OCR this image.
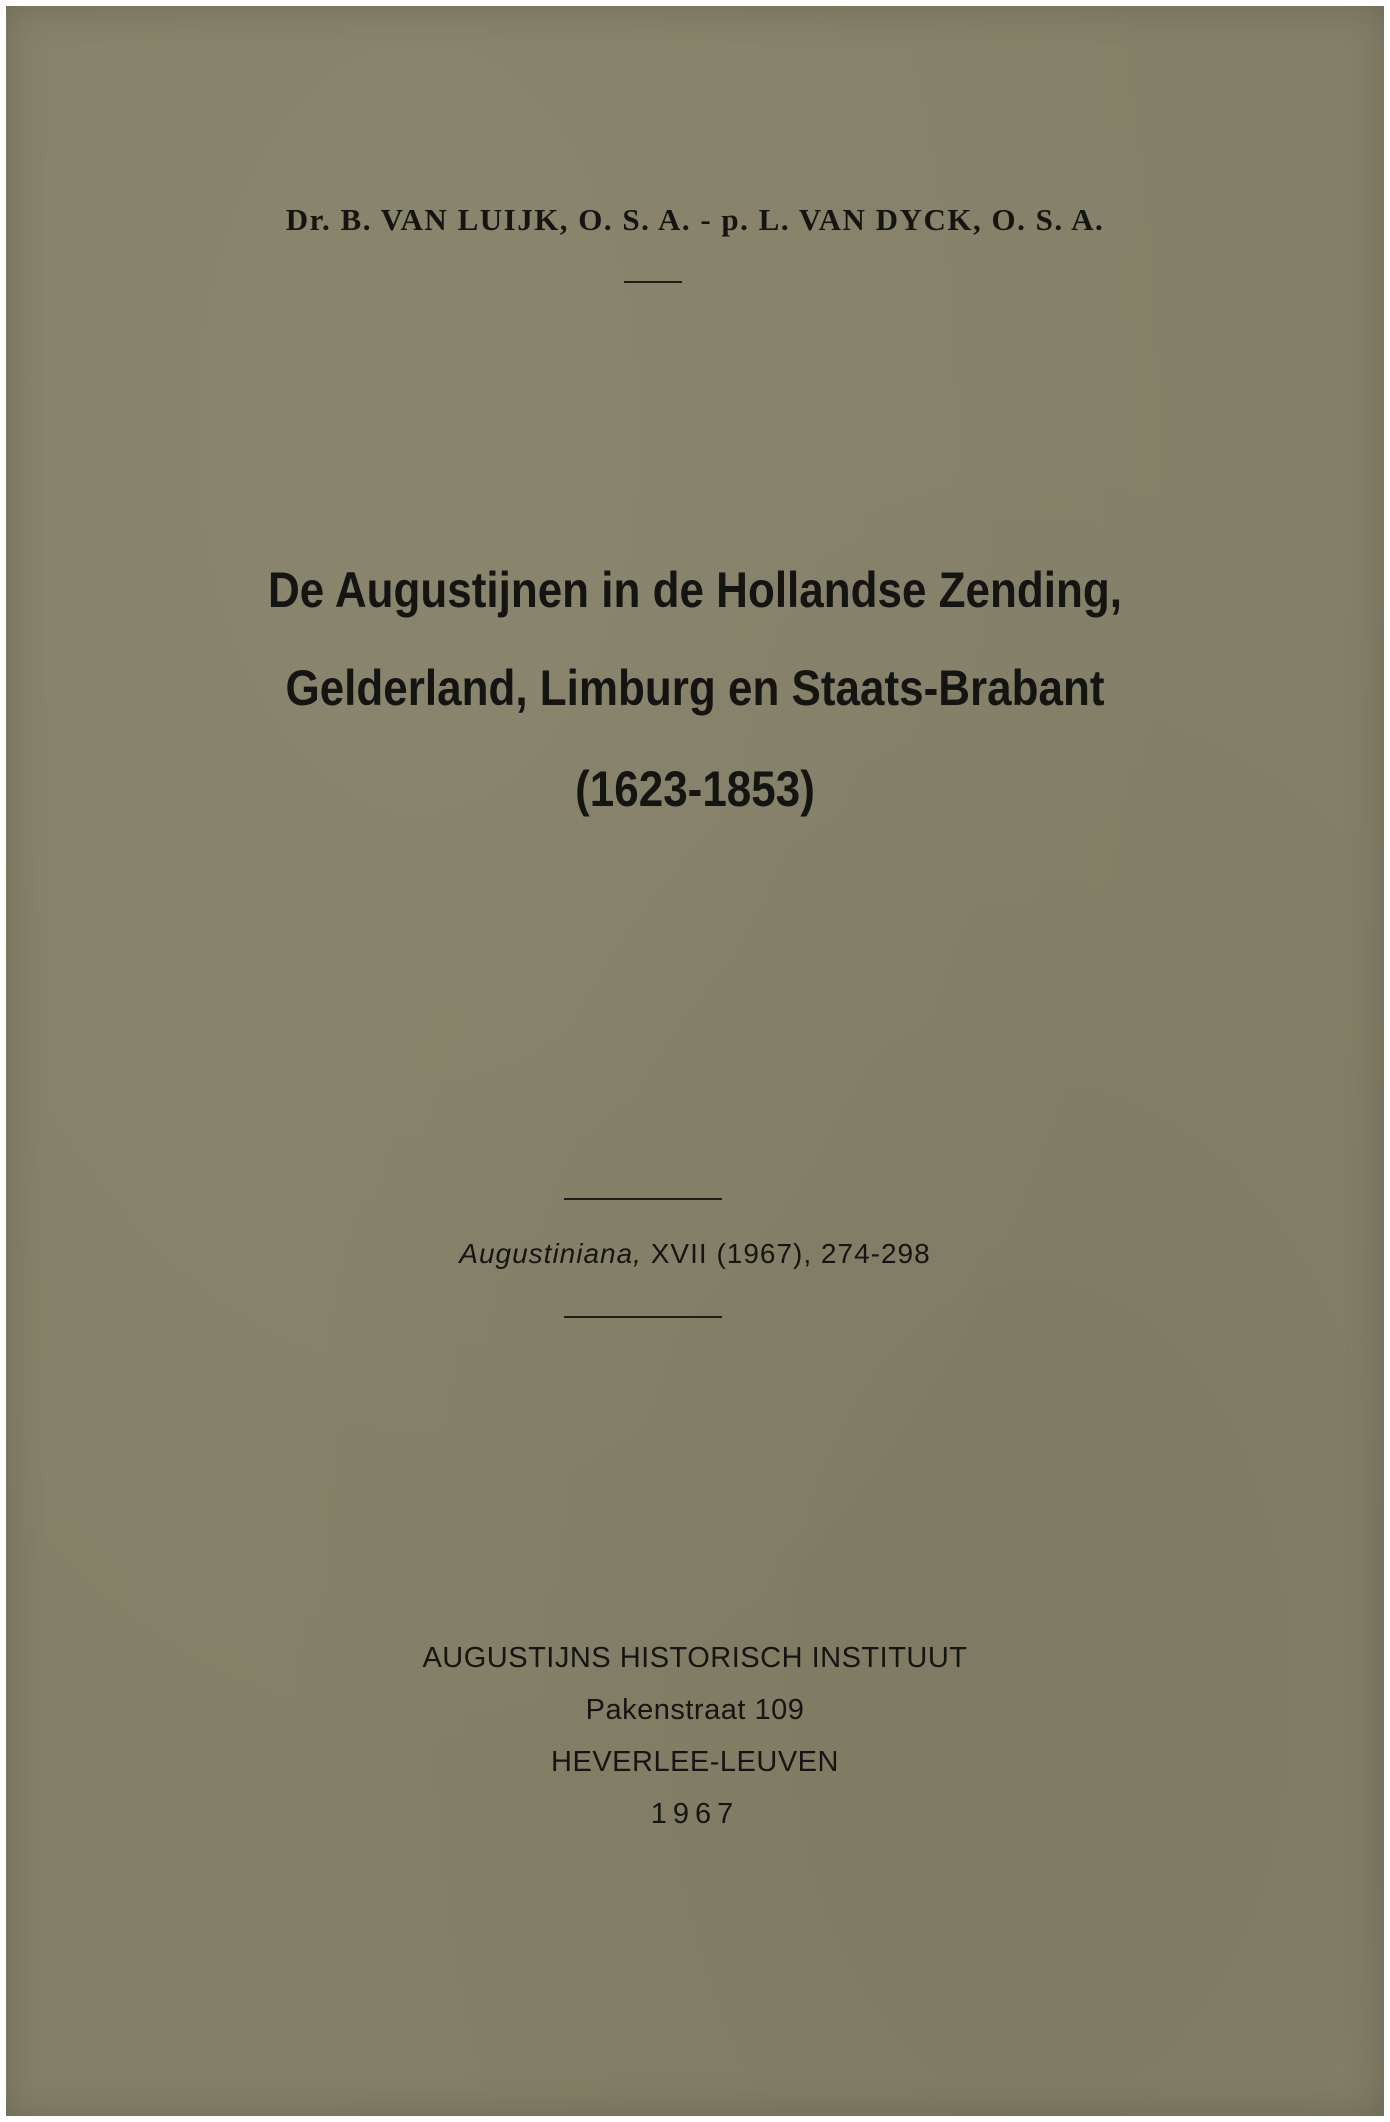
Dr. B. VAN LUIJK, O. S. A. - p. L. VAN DYCK, O. S. A.
De Augustijnen in de Hollandse Zending,
Gelderland, Limburg en Staats-Brabant
(1623-1853)
Augustiniana, XVII (1967), 274-298
AUGUSTIJNS HISTORISCH INSTITUUT
Pakenstraat 109
HEVERLEE-LEUVEN
1967
